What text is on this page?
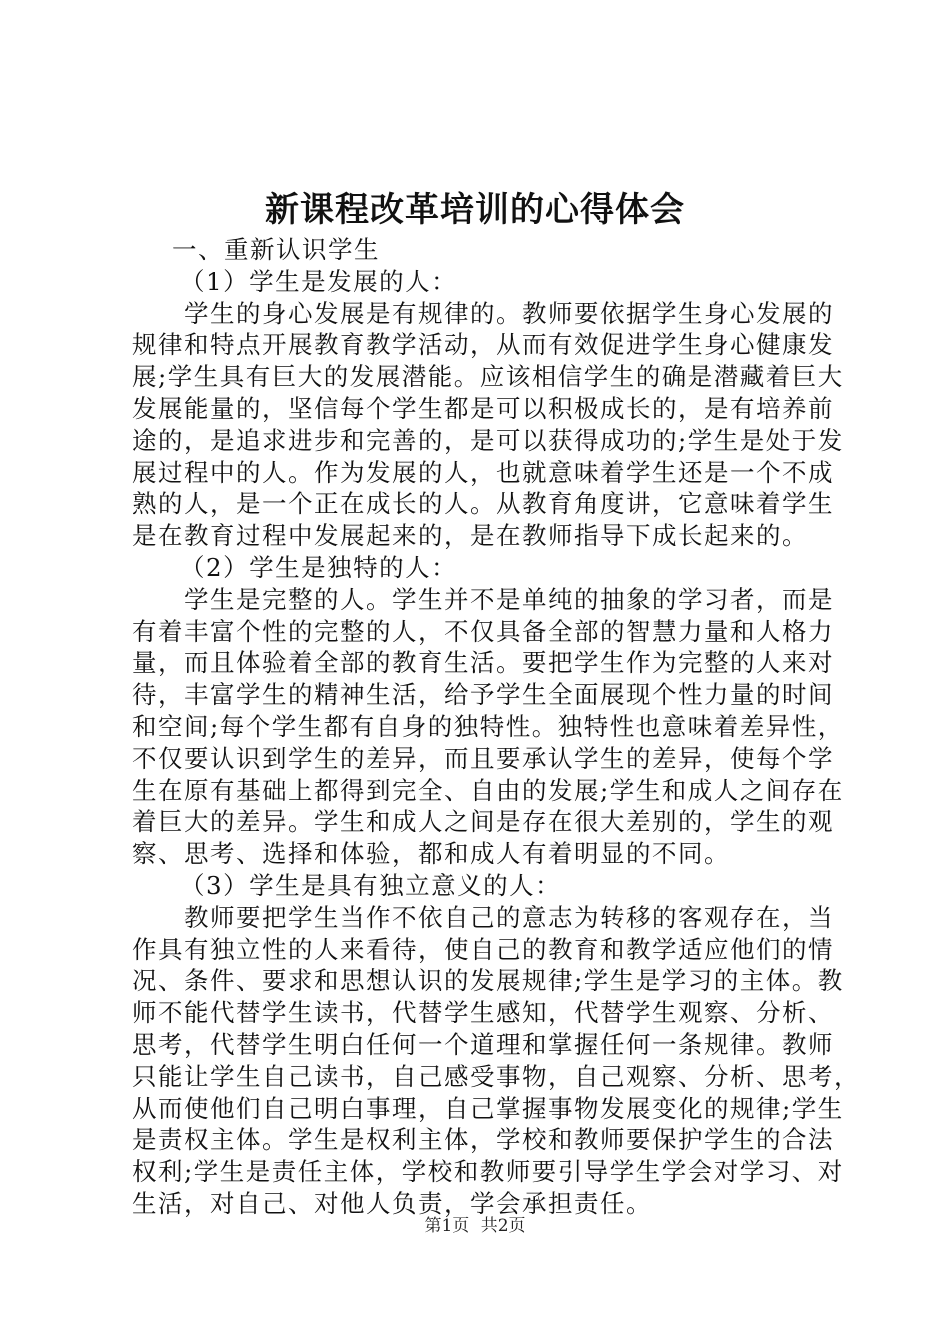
新课程改革培训的心得体会

一、重新认识学生

（1）学生是发展的人：

学生的身心发展是有规律的。教师要依据学生身心发展的

规律和特点开展教育教学活动，从而有效促进学生身心健康发

展;学生具有巨大的发展潜能。应该相信学生的确是潜藏着巨大

发展能量的，坚信每个学生都是可以积极成长的，是有培养前

途的，是追求进步和完善的，是可以获得成功的;学生是处于发

展过程中的人。作为发展的人，也就意味着学生还是一个不成

熟的人，是一个正在成长的人。从教育角度讲，它意味着学生

是在教育过程中发展起来的，是在教师指导下成长起来的。

（2）学生是独特的人：

学生是完整的人。学生并不是单纯的抽象的学习者，而是

有着丰富个性的完整的人，不仅具备全部的智慧力量和人格力

量，而且体验着全部的教育生活。要把学生作为完整的人来对

待，丰富学生的精神生活，给予学生全面展现个性力量的时间

和空间;每个学生都有自身的独特性。独特性也意味着差异性，

不仅要认识到学生的差异，而且要承认学生的差异，使每个学

生在原有基础上都得到完全、自由的发展;学生和成人之间存在

着巨大的差异。学生和成人之间是存在很大差别的，学生的观

察、思考、选择和体验，都和成人有着明显的不同。

（3）学生是具有独立意义的人：

教师要把学生当作不依自己的意志为转移的客观存在，当

作具有独立性的人来看待，使自己的教育和教学适应他们的情

况、条件、要求和思想认识的发展规律;学生是学习的主体。教

师不能代替学生读书，代替学生感知，代替学生观察、分析、

思考，代替学生明白任何一个道理和掌握任何一条规律。教师

只能让学生自己读书，自己感受事物，自己观察、分析、思考，

从而使他们自己明白事理，自己掌握事物发展变化的规律;学生

是责权主体。学生是权利主体，学校和教师要保护学生的合法

权利;学生是责任主体，学校和教师要引导学生学会对学习、对

生活，对自己、对他人负责，学会承担责任。

第1页 共2页
